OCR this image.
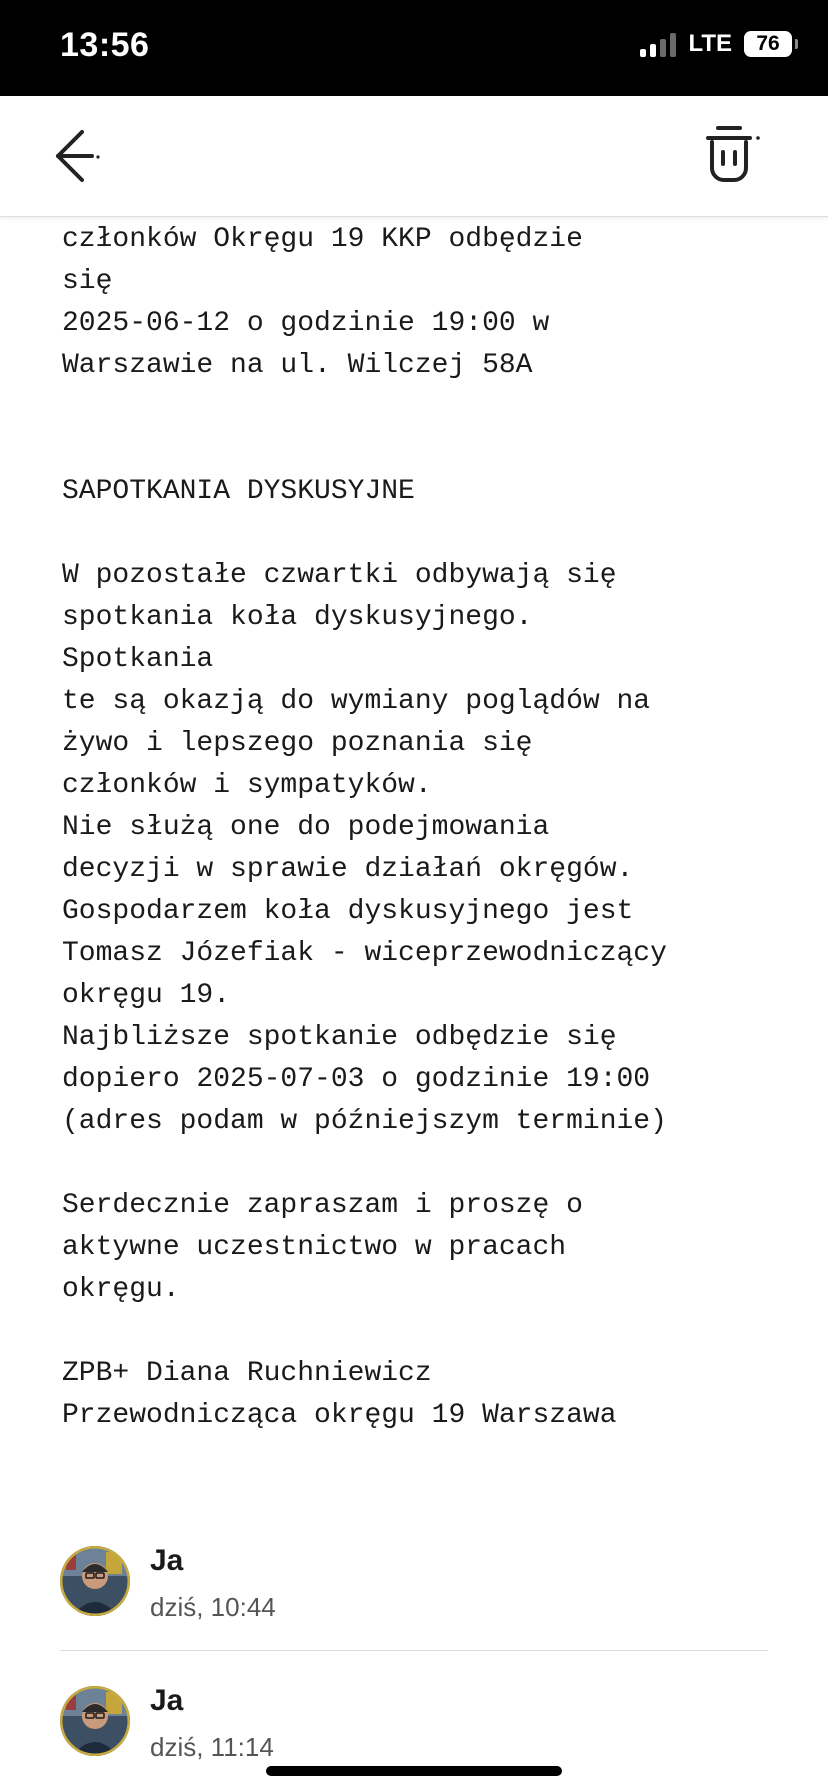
13:56	LTE	76
członków Okręgu 19 KKP odbędzie
się
2025-06-12 o godzinie 19:00 w
Warszawie na ul. Wilczej 58A

SAPOTKANIA DYSKUSYJNE

W pozostałe czwartki odbywają się
spotkania koła dyskusyjnego.
Spotkania
te są okazją do wymiany poglądów na
żywo i lepszego poznania się
członków i sympatyków.
Nie służą one do podejmowania
decyzji w sprawie działań okręgów.
Gospodarzem koła dyskusyjnego jest
Tomasz Józefiak - wiceprzewodniczący
okręgu 19.
Najbliższe spotkanie odbędzie się
dopiero 2025-07-03 o godzinie 19:00
(adres podam w późniejszym terminie)

Serdecznie zapraszam i proszę o
aktywne uczestnictwo w pracach
okręgu.

ZPB+ Diana Ruchniewicz
Przewodnicząca okręgu 19 Warszawa
Ja
dziś, 10:44
Ja
dziś, 11:14
